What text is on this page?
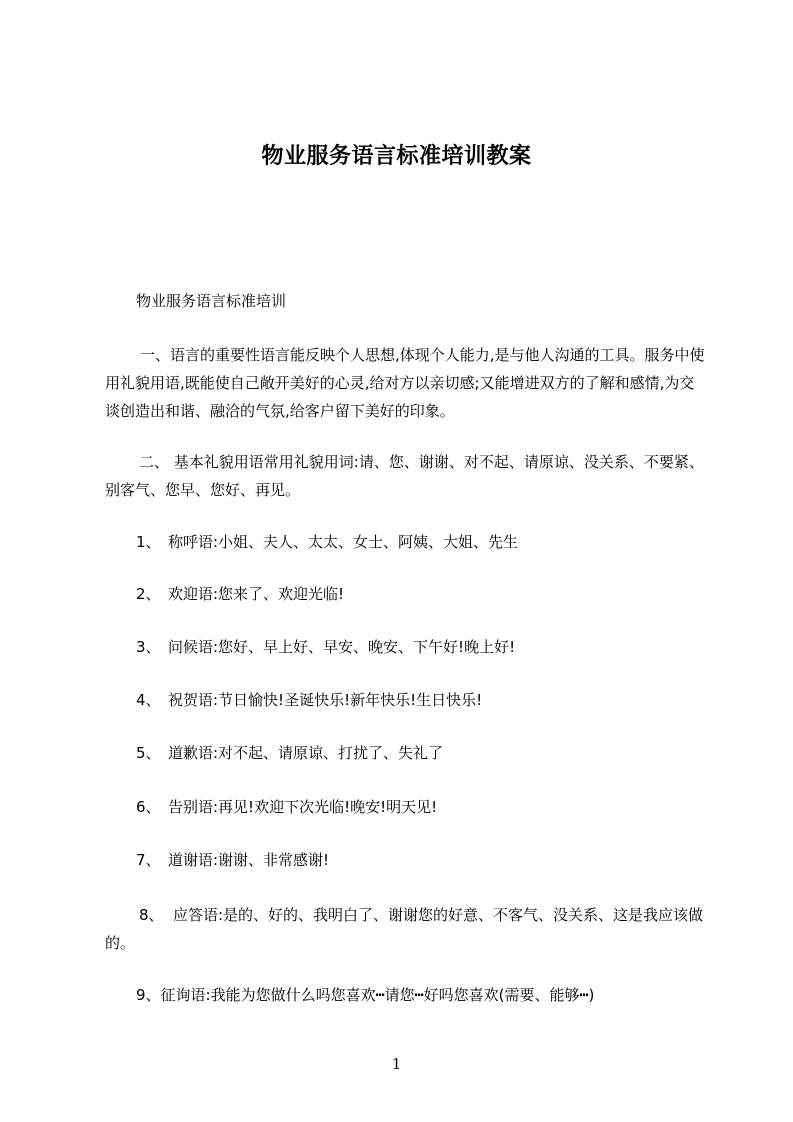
物业服务语言标准培训教案

物业服务语言标准培训

一、语言的重要性语言能反映个人思想,体现个人能力,是与他人沟通的工具。服务中使用礼貌用语,既能使自己敞开美好的心灵,给对方以亲切感;又能增进双方的了解和感情,为交谈创造出和谐、融洽的气氛,给客户留下美好的印象。

二、 基本礼貌用语常用礼貌用词:请、您、谢谢、对不起、请原谅、没关系、不要紧、别客气、您早、您好、再见。

1、 称呼语:小姐、夫人、太太、女士、阿姨、大姐、先生

2、 欢迎语:您来了、欢迎光临!

3、 问候语:您好、早上好、早安、晚安、下午好!晚上好!

4、 祝贺语:节日愉快!圣诞快乐!新年快乐!生日快乐!

5、 道歉语:对不起、请原谅、打扰了、失礼了

6、 告别语:再见!欢迎下次光临!晚安!明天见!

7、 道谢语:谢谢、非常感谢!

8、 应答语:是的、好的、我明白了、谢谢您的好意、不客气、没关系、这是我应该做的。

9、征询语:我能为您做什么吗您喜欢┅请您┅好吗您喜欢(需要、能够┅)

1
